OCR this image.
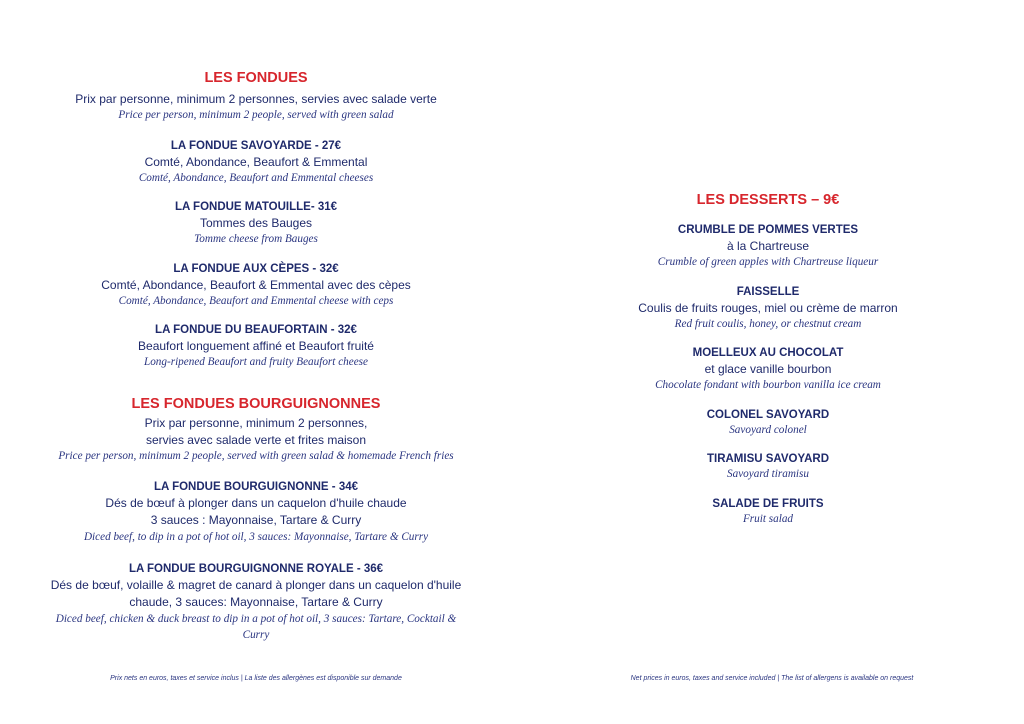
LES FONDUES
Prix par personne, minimum 2 personnes, servies avec salade verte
Price per person, minimum 2 people, served with green salad
LA FONDUE SAVOYARDE - 27€
Comté, Abondance, Beaufort & Emmental
Comté, Abondance, Beaufort and Emmental cheeses
LA FONDUE MATOUILLE- 31€
Tommes des Bauges
Tomme cheese from Bauges
LA FONDUE AUX CÈPES - 32€
Comté, Abondance, Beaufort & Emmental avec des cèpes
Comté, Abondance, Beaufort and Emmental cheese with ceps
LA FONDUE DU BEAUFORTAIN - 32€
Beaufort longuement affiné et Beaufort fruité
Long-ripened Beaufort and fruity Beaufort cheese
LES FONDUES BOURGUIGNONNES
Prix par personne, minimum 2 personnes,
servies avec salade verte et frites maison
Price per person, minimum 2 people, served with green salad & homemade French fries
LA FONDUE BOURGUIGNONNE - 34€
Dés de bœuf à plonger dans un caquelon d'huile chaude
3 sauces : Mayonnaise, Tartare & Curry
Diced beef, to dip in a pot of hot oil, 3 sauces: Mayonnaise, Tartare & Curry
LA FONDUE BOURGUIGNONNE ROYALE - 36€
Dés de bœuf, volaille & magret de canard à plonger dans un caquelon d'huile
chaude, 3 sauces: Mayonnaise, Tartare & Curry
Diced beef, chicken & duck breast to dip in a pot of hot oil, 3 sauces: Tartare, Cocktail &
Curry
LES DESSERTS – 9€
CRUMBLE DE POMMES VERTES
à la Chartreuse
Crumble of green apples with Chartreuse liqueur
FAISSELLE
Coulis de fruits rouges, miel ou crème de marron
Red fruit coulis, honey, or chestnut cream
MOELLEUX AU CHOCOLAT
et glace vanille bourbon
Chocolate fondant with bourbon vanilla ice cream
COLONEL SAVOYARD
Savoyard colonel
TIRAMISU SAVOYARD
Savoyard tiramisu
SALADE DE FRUITS
Fruit salad
Prix nets en euros, taxes et service inclus | La liste des allergènes est disponible sur demande	Net prices in euros, taxes and service included | The list of allergens is available on request
